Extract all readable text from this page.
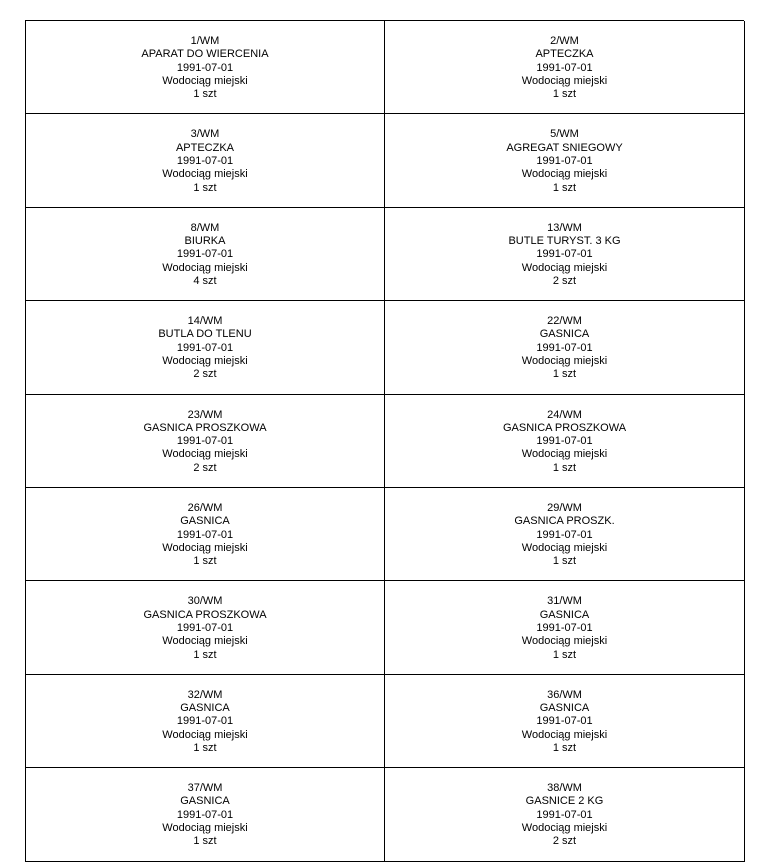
1/WM
APARAT DO WIERCENIA
1991-07-01
Wodociąg miejski
1 szt
2/WM
APTECZKA
1991-07-01
Wodociąg miejski
1 szt
3/WM
APTECZKA
1991-07-01
Wodociąg miejski
1 szt
5/WM
AGREGAT SNIEGOWY
1991-07-01
Wodociąg miejski
1 szt
8/WM
BIURKA
1991-07-01
Wodociąg miejski
4 szt
13/WM
BUTLE TURYST. 3 KG
1991-07-01
Wodociąg miejski
2 szt
14/WM
BUTLA DO TLENU
1991-07-01
Wodociąg miejski
2 szt
22/WM
GASNICA
1991-07-01
Wodociąg miejski
1 szt
23/WM
GASNICA PROSZKOWA
1991-07-01
Wodociąg miejski
2 szt
24/WM
GASNICA PROSZKOWA
1991-07-01
Wodociąg miejski
1 szt
26/WM
GASNICA
1991-07-01
Wodociąg miejski
1 szt
29/WM
GASNICA PROSZK.
1991-07-01
Wodociąg miejski
1 szt
30/WM
GASNICA PROSZKOWA
1991-07-01
Wodociąg miejski
1 szt
31/WM
GASNICA
1991-07-01
Wodociąg miejski
1 szt
32/WM
GASNICA
1991-07-01
Wodociąg miejski
1 szt
36/WM
GASNICA
1991-07-01
Wodociąg miejski
1 szt
37/WM
GASNICA
1991-07-01
Wodociąg miejski
1 szt
38/WM
GASNICE 2 KG
1991-07-01
Wodociąg miejski
2 szt
